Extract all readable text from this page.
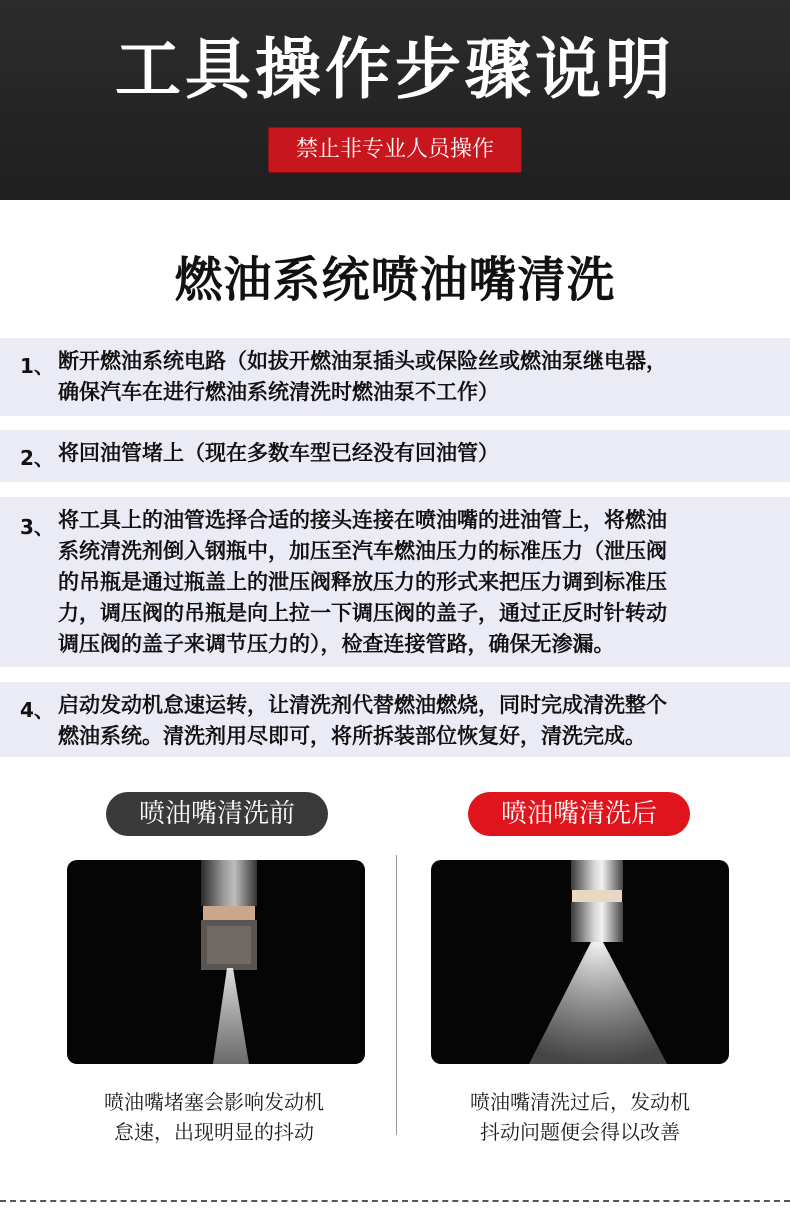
工具操作步骤说明
禁止非专业人员操作
燃油系统喷油嘴清洗
1、 断开燃油系统电路（如拔开燃油泵插头或保险丝或燃油泵继电器，
确保汽车在进行燃油系统清洗时燃油泵不工作）
2、 将回油管堵上（现在多数车型已经没有回油管）
3、 将工具上的油管选择合适的接头连接在喷油嘴的进油管上，将燃油
系统清洗剂倒入钢瓶中，加压至汽车燃油压力的标准压力（泄压阀
的吊瓶是通过瓶盖上的泄压阀释放压力的形式来把压力调到标准压
力，调压阀的吊瓶是向上拉一下调压阀的盖子，通过正反时针转动
调压阀的盖子来调节压力的），检查连接管路，确保无渗漏。
4、 启动发动机怠速运转，让清洗剂代替燃油燃烧，同时完成清洗整个
燃油系统。清洗剂用尽即可，将所拆装部位恢复好，清洗完成。
喷油嘴清洗前	喷油嘴清洗后
喷油嘴堵塞会影响发动机
怠速，出现明显的抖动
喷油嘴清洗过后，发动机
抖动问题便会得以改善
